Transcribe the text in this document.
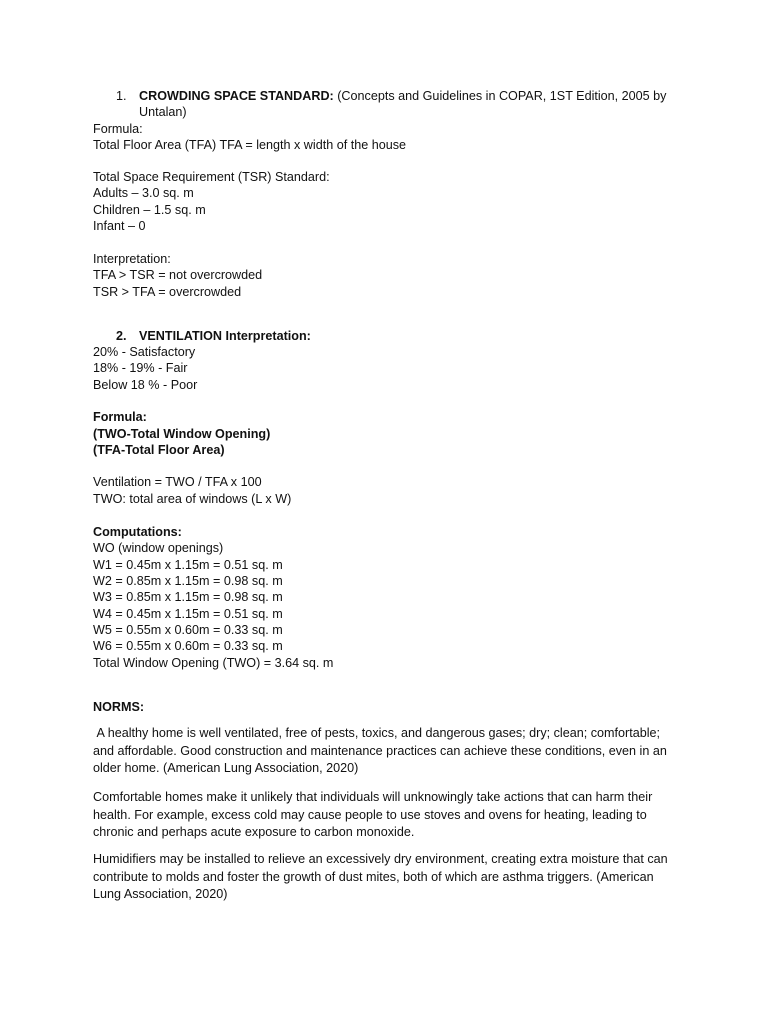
1. CROWDING SPACE STANDARD: (Concepts and Guidelines in COPAR, 1ST Edition, 2005 by
Untalan)
Formula:
Total Floor Area (TFA) TFA = length x width of the house
Total Space Requirement (TSR) Standard:
Adults – 3.0 sq. m
Children – 1.5 sq. m
Infant – 0
Interpretation:
TFA > TSR = not overcrowded
TSR > TFA = overcrowded
2. VENTILATION Interpretation:
20% - Satisfactory
18% - 19% - Fair
Below 18 % - Poor
Formula:
(TWO-Total Window Opening)
(TFA-Total Floor Area)
Ventilation = TWO / TFA x 100
TWO: total area of windows (L x W)
Computations:
WO (window openings)
W1 = 0.45m x 1.15m = 0.51 sq. m
W2 = 0.85m x 1.15m = 0.98 sq. m
W3 = 0.85m x 1.15m = 0.98 sq. m
W4 = 0.45m x 1.15m = 0.51 sq. m
W5 = 0.55m x 0.60m = 0.33 sq. m
W6 = 0.55m x 0.60m = 0.33 sq. m
Total Window Opening (TWO) = 3.64 sq. m
NORMS:
A healthy home is well ventilated, free of pests, toxics, and dangerous gases; dry; clean; comfortable; and affordable. Good construction and maintenance practices can achieve these conditions, even in an older home. (American Lung Association, 2020)
Comfortable homes make it unlikely that individuals will unknowingly take actions that can harm their health. For example, excess cold may cause people to use stoves and ovens for heating, leading to chronic and perhaps acute exposure to carbon monoxide.
Humidifiers may be installed to relieve an excessively dry environment, creating extra moisture that can contribute to molds and foster the growth of dust mites, both of which are asthma triggers. (American Lung Association, 2020)
